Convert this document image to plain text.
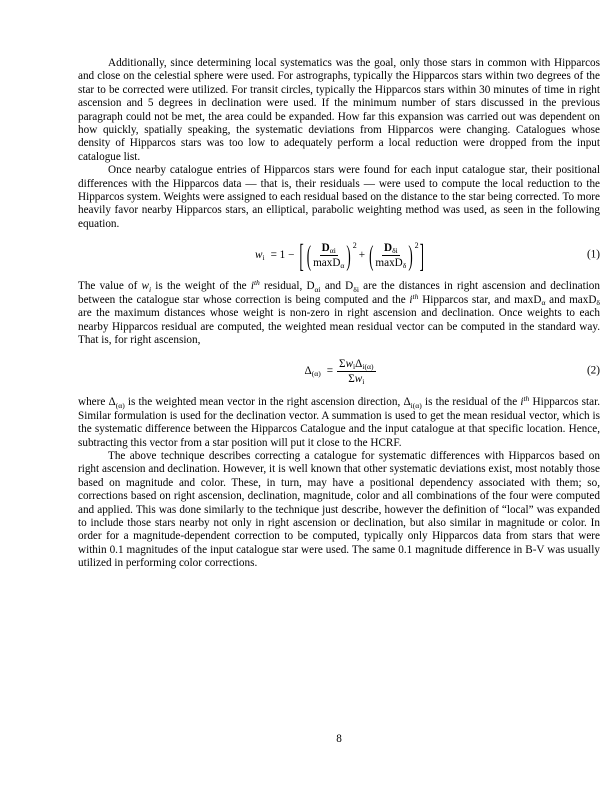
Additionally, since determining local systematics was the goal, only those stars in common with Hipparcos and close on the celestial sphere were used. For astrographs, typically the Hipparcos stars within two degrees of the star to be corrected were utilized. For transit circles, typically the Hipparcos stars within 30 minutes of time in right ascension and 5 degrees in declination were used. If the minimum number of stars discussed in the previous paragraph could not be met, the area could be expanded. How far this expansion was carried out was dependent on how quickly, spatially speaking, the systematic deviations from Hipparcos were changing. Catalogues whose density of Hipparcos stars was too low to adequately perform a local reduction were dropped from the input catalogue list.

Once nearby catalogue entries of Hipparcos stars were found for each input catalogue star, their positional differences with the Hipparcos data — that is, their residuals — were used to compute the local reduction to the Hipparcos system. Weights were assigned to each residual based on the distance to the star being corrected. To more heavily favor nearby Hipparcos stars, an elliptical, parabolic weighting method was used, as seen in the following equation.

$w_i = 1$ − [ ( $\frac{D_{\alpha i}}{\max D_\alpha}$ ) 2
+ ( $\frac{D_{\delta i}}{\max D_\delta}$ ) 2 ]	(1)

The value of $w_i$ is the weight of the $i^{th}$ residual, $D_{\alpha i}$ and $D_{\delta i}$ are the distances in right ascension and declination between the catalogue star whose correction is being computed and the $i^{th}$ Hipparcos star, and maxD$_\alpha$ and maxD$_\delta$ are the maximum distances whose weight is non-zero in right ascension and declination. Once weights to each nearby Hipparcos residual are computed, the weighted mean residual vector can be computed in the standard way. That is, for right ascension,

$\Delta_{(\alpha)} = \frac{\Sigma w_i\Delta_{i(\alpha)}}{\Sigma w_i}$	(2)

where $\Delta_{(\alpha)}$ is the weighted mean vector in the right ascension direction, $\Delta_{i(\alpha)}$ is the residual of the $i^{th}$ Hipparcos star. Similar formulation is used for the declination vector. A summation is used to get the mean residual vector, which is the systematic difference between the Hipparcos Catalogue and the input catalogue at that specific location. Hence, subtracting this vector from a star position will put it close to the HCRF.

The above technique describes correcting a catalogue for systematic differences with Hipparcos based on right ascension and declination. However, it is well known that other systematic deviations exist, most notably those based on magnitude and color. These, in turn, may have a positional dependency associated with them; so, corrections based on right ascension, declination, magnitude, color and all combinations of the four were computed and applied. This was done similarly to the technique just describe, however the definition of “local” was expanded to include those stars nearby not only in right ascension or declination, but also similar in magnitude or color. In order for a magnitude-dependent correction to be computed, typically only Hipparcos data from stars that were within 0.1 magnitudes of the input catalogue star were used. The same 0.1 magnitude difference in B-V was usually utilized in performing color corrections.

8
